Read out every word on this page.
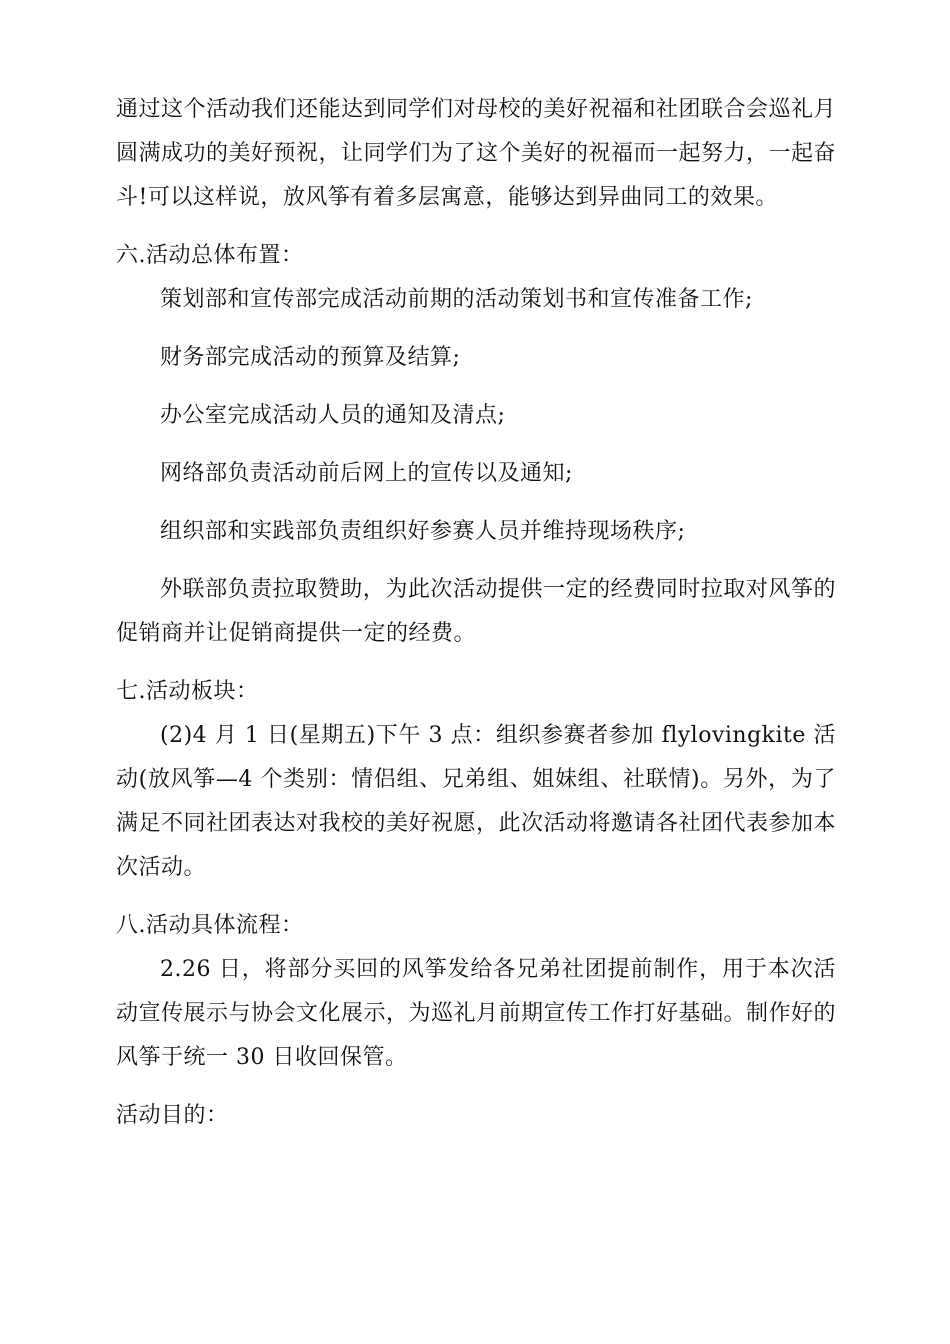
通过这个活动我们还能达到同学们对母校的美好祝福和社团联合会巡礼月圆满成功的美好预祝，让同学们为了这个美好的祝福而一起努力，一起奋斗!可以这样说，放风筝有着多层寓意，能够达到异曲同工的效果。

六.活动总体布置：

策划部和宣传部完成活动前期的活动策划书和宣传准备工作;

财务部完成活动的预算及结算;

办公室完成活动人员的通知及清点;

网络部负责活动前后网上的宣传以及通知;

组织部和实践部负责组织好参赛人员并维持现场秩序;

外联部负责拉取赞助，为此次活动提供一定的经费同时拉取对风筝的促销商并让促销商提供一定的经费。

七.活动板块：

(2)4 月 1 日(星期五)下午 3 点：组织参赛者参加 flylovingkite 活动(放风筝—4 个类别：情侣组、兄弟组、姐妹组、社联情)。另外，为了满足不同社团表达对我校的美好祝愿，此次活动将邀请各社团代表参加本次活动。

八.活动具体流程：

2.26 日，将部分买回的风筝发给各兄弟社团提前制作，用于本次活动宣传展示与协会文化展示，为巡礼月前期宣传工作打好基础。制作好的风筝于统一 30 日收回保管。

活动目的：
